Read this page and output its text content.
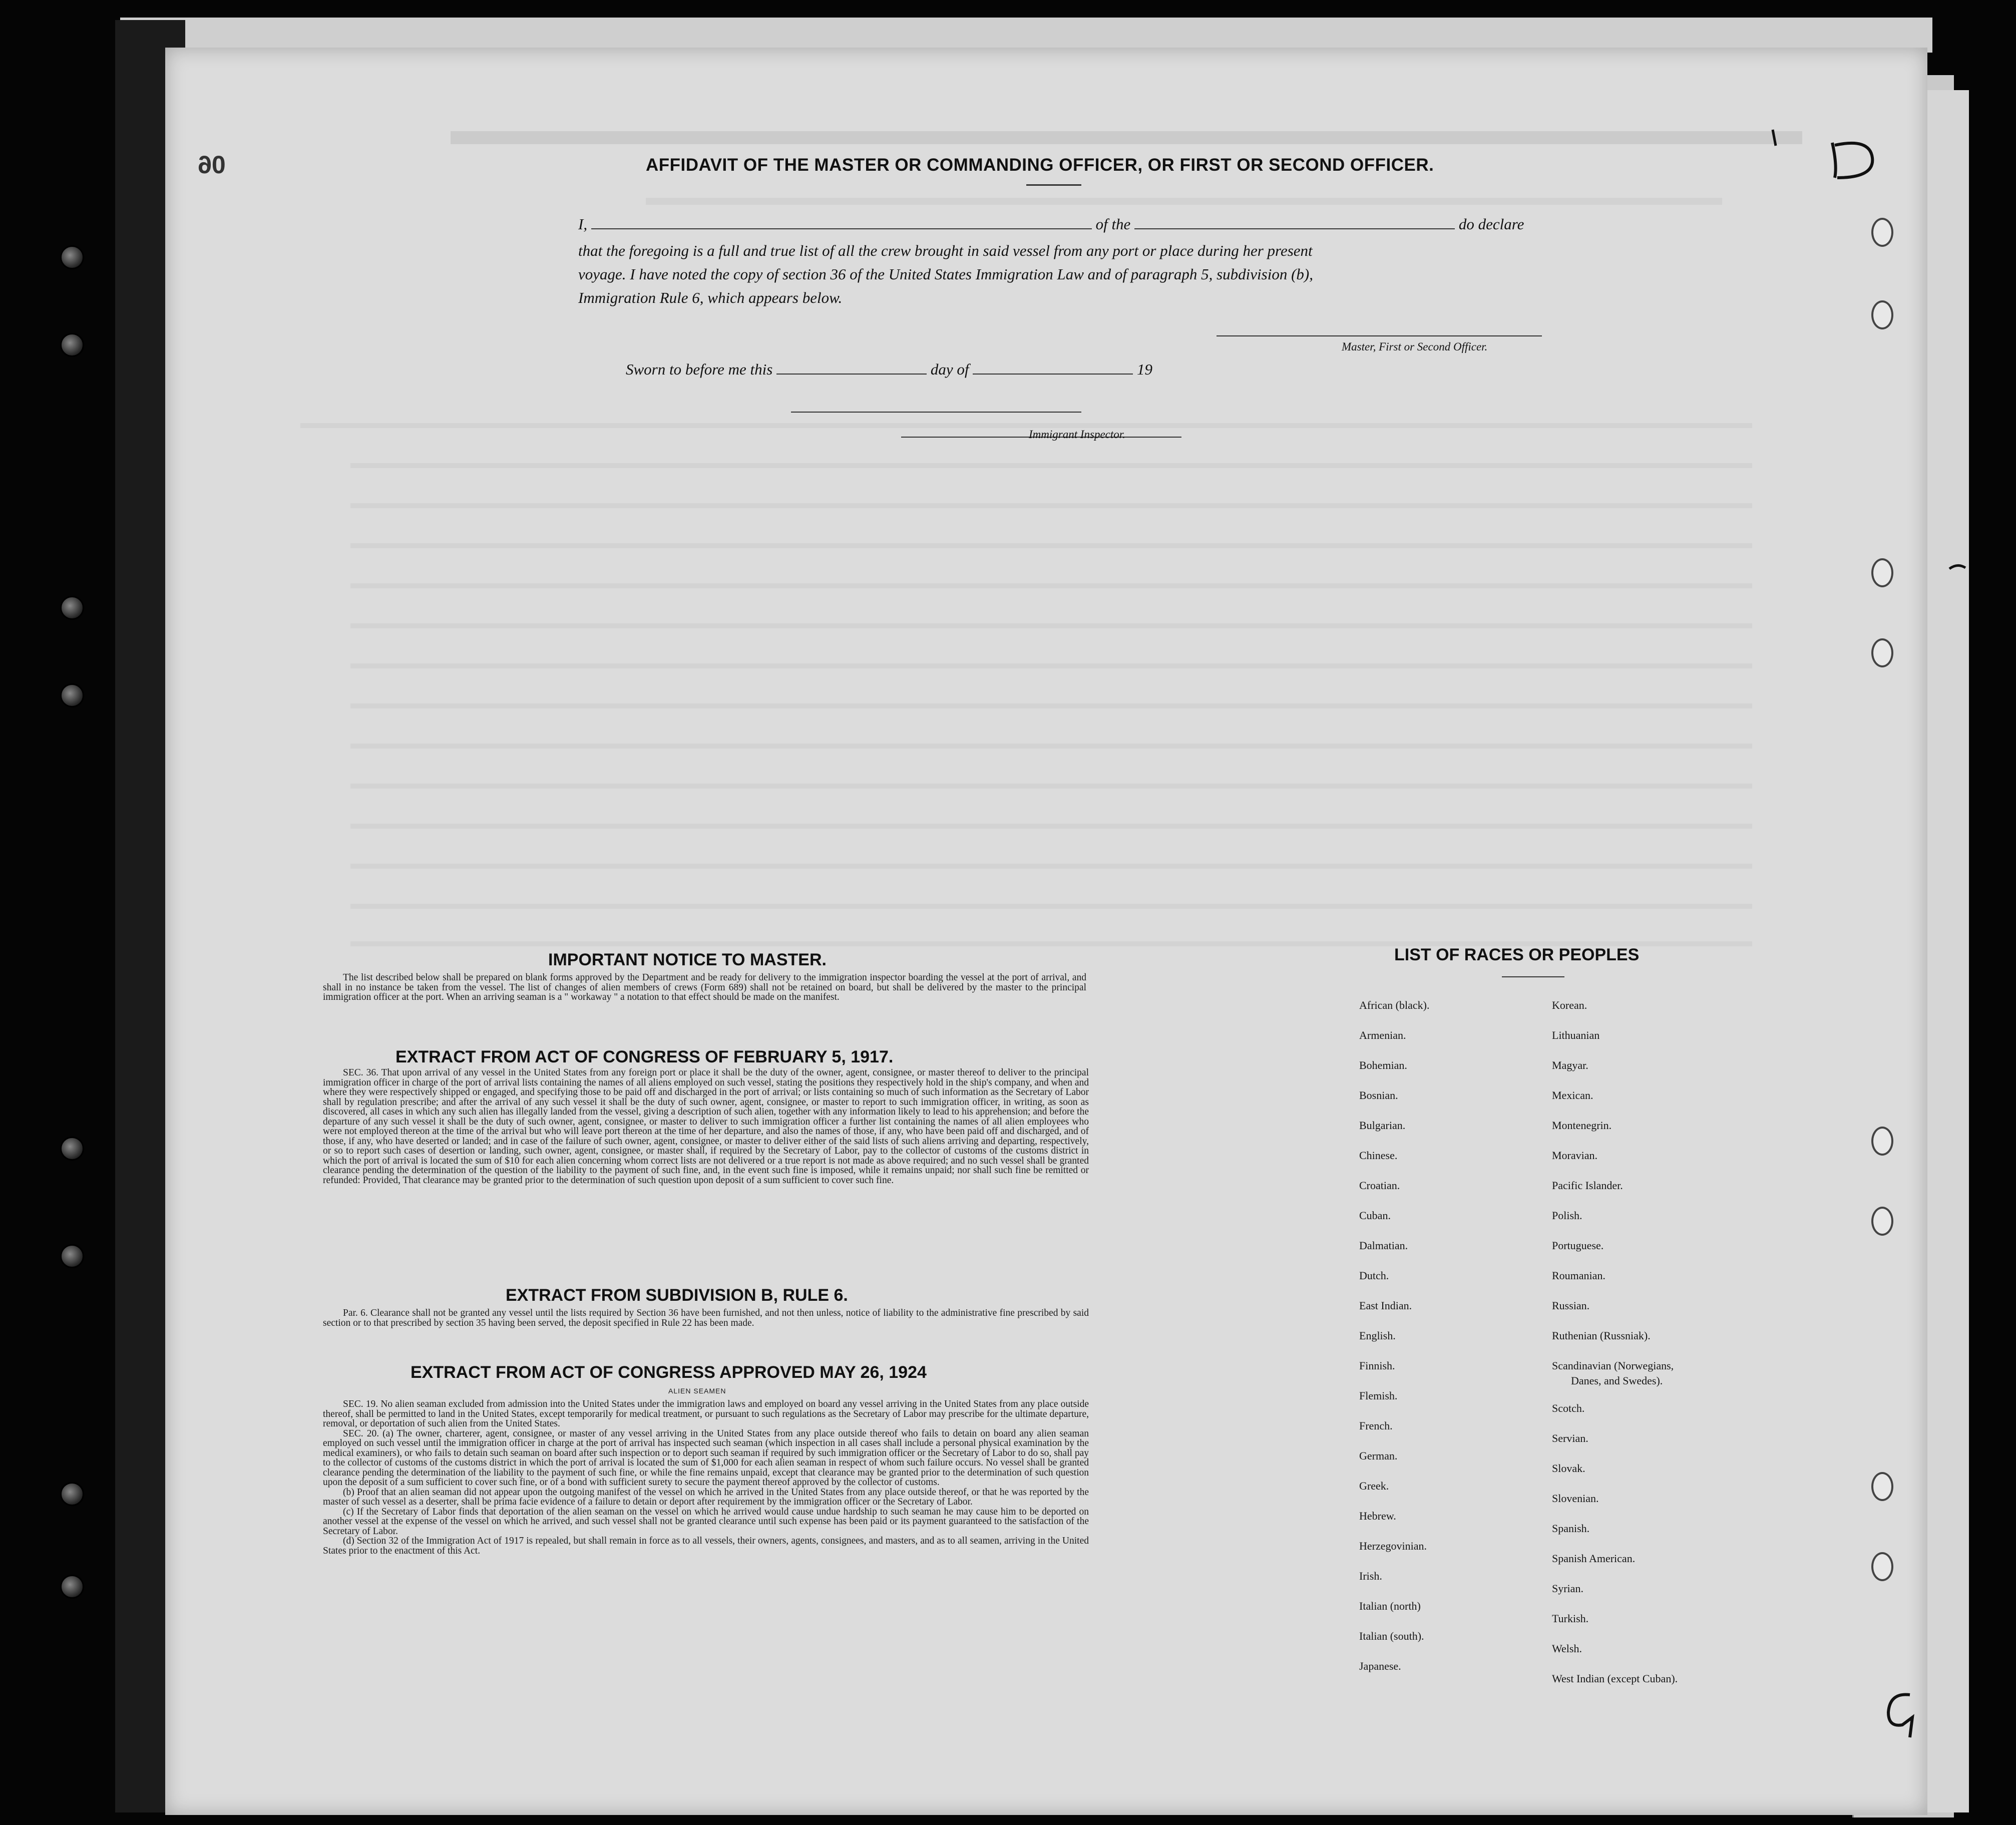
06	AFFIDAVIT OF THE MASTER OR COMMANDING OFFICER, OR FIRST OR SECOND OFFICER.
I,	of the	do declare
that the foregoing is a full and true list of all the crew brought in said vessel from any port or place during her present
voyage. I have noted the copy of section 36 of the United States Immigration Law and of paragraph 5, subdivision (b),
Immigration Rule 6, which appears below.
Master, First or Second Officer.
Sworn to before me this	day of	19
Immigrant Inspector.
IMPORTANT NOTICE TO MASTER.
The list described below shall be prepared on blank forms approved by the Department and be ready for delivery to the immigration inspector boarding the vessel at the port of arrival, and shall in no instance be taken from the vessel. The list of changes of alien members of crews (Form 689) shall not be retained on board, but shall be delivered by the master to the principal immigration officer at the port. When an arriving seaman is a " workaway " a notation to that effect should be made on the manifest.
EXTRACT FROM ACT OF CONGRESS OF FEBRUARY 5, 1917.
SEC. 36. That upon arrival of any vessel in the United States from any foreign port or place it shall be the duty of the owner, agent, consignee, or master thereof to deliver to the principal immigration officer in charge of the port of arrival lists containing the names of all aliens employed on such vessel, stating the positions they respectively hold in the ship's company, and when and where they were respectively shipped or engaged, and specifying those to be paid off and discharged in the port of arrival; or lists containing so much of such information as the Secretary of Labor shall by regulation prescribe; and after the arrival of any such vessel it shall be the duty of such owner, agent, consignee, or master to report to such immigration officer, in writing, as soon as discovered, all cases in which any such alien has illegally landed from the vessel, giving a description of such alien, together with any information likely to lead to his apprehension; and before the departure of any such vessel it shall be the duty of such owner, agent, consignee, or master to deliver to such immigration officer a further list containing the names of all alien employees who were not employed thereon at the time of the arrival but who will leave port thereon at the time of her departure, and also the names of those, if any, who have been paid off and discharged, and of those, if any, who have deserted or landed; and in case of the failure of such owner, agent, consignee, or master to deliver either of the said lists of such aliens arriving and departing, respectively, or so to report such cases of desertion or landing, such owner, agent, consignee, or master shall, if required by the Secretary of Labor, pay to the collector of customs of the customs district in which the port of arrival is located the sum of $10 for each alien concerning whom correct lists are not delivered or a true report is not made as above required; and no such vessel shall be granted clearance pending the determination of the question of the liability to the payment of such fine, and, in the event such fine is imposed, while it remains unpaid; nor shall such fine be remitted or refunded: Provided, That clearance may be granted prior to the determination of such question upon deposit of a sum sufficient to cover such fine.
EXTRACT FROM SUBDIVISION B, RULE 6.
Par. 6. Clearance shall not be granted any vessel until the lists required by Section 36 have been furnished, and not then unless, notice of liability to the administrative fine prescribed by said section or to that prescribed by section 35 having been served, the deposit specified in Rule 22 has been made.
EXTRACT FROM ACT OF CONGRESS APPROVED MAY 26, 1924
ALIEN SEAMEN

SEC. 19. No alien seaman excluded from admission into the United States under the immigration laws and employed on board any vessel arriving in the United States from any place outside thereof, shall be permitted to land in the United States, except temporarily for medical treatment, or pursuant to such regulations as the Secretary of Labor may prescribe for the ultimate departure, removal, or deportation of such alien from the United States.

SEC. 20. (a) The owner, charterer, agent, consignee, or master of any vessel arriving in the United States from any place outside thereof who fails to detain on board any alien seaman employed on such vessel until the immigration officer in charge at the port of arrival has inspected such seaman (which inspection in all cases shall include a personal physical examination by the medical examiners), or who fails to detain such seaman on board after such inspection or to deport such seaman if required by such immigration officer or the Secretary of Labor to do so, shall pay to the collector of customs of the customs district in which the port of arrival is located the sum of $1,000 for each alien seaman in respect of whom such failure occurs. No vessel shall be granted clearance pending the determination of the liability to the payment of such fine, or while the fine remains unpaid, except that clearance may be granted prior to the determination of such question upon the deposit of a sum sufficient to cover such fine, or of a bond with sufficient surety to secure the payment thereof approved by the collector of customs.

(b) Proof that an alien seaman did not appear upon the outgoing manifest of the vessel on which he arrived in the United States from any place outside thereof, or that he was reported by the master of such vessel as a deserter, shall be prima facie evidence of a failure to detain or deport after requirement by the immigration officer or the Secretary of Labor.

(c) If the Secretary of Labor finds that deportation of the alien seaman on the vessel on which he arrived would cause undue hardship to such seaman he may cause him to be deported on another vessel at the expense of the vessel on which he arrived, and such vessel shall not be granted clearance until such expense has been paid or its payment guaranteed to the satisfaction of the Secretary of Labor.

(d) Section 32 of the Immigration Act of 1917 is repealed, but shall remain in force as to all vessels, their owners, agents, consignees, and masters, and as to all seamen, arriving in the United States prior to the enactment of this Act.

LIST OF RACES OR PEOPLES
African (black).
Armenian.
Bohemian.
Bosnian.
Bulgarian.
Chinese.
Croatian.
Cuban.
Dalmatian.
Dutch.
East Indian.
English.
Finnish.
Flemish.
French.
German.
Greek.
Hebrew.
Herzegovinian.
Irish.
Italian (north)
Italian (south).
Japanese.
Korean.
Lithuanian
Magyar.
Mexican.
Montenegrin.
Moravian.
Pacific Islander.
Polish.
Portuguese.
Roumanian.
Russian.
Ruthenian (Russniak).
Scandinavian (Norwegians,
Danes, and Swedes).
Scotch.
Servian.
Slovak.
Slovenian.
Spanish.
Spanish American.
Syrian.
Turkish.
Welsh.
West Indian (except Cuban).
